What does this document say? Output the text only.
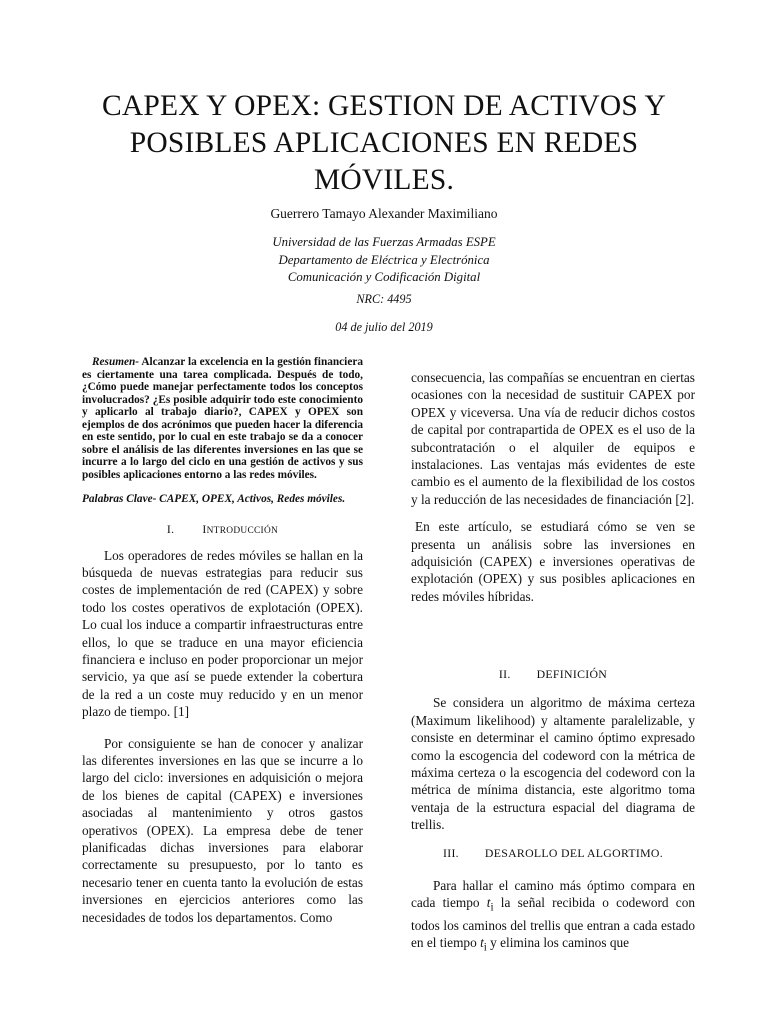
CAPEX Y OPEX: GESTION DE ACTIVOS Y
POSIBLES APLICACIONES EN REDES
MÓVILES.
Guerrero Tamayo Alexander Maximiliano
Universidad de las Fuerzas Armadas ESPE
Departamento de Eléctrica y Electrónica
Comunicación y Codificación Digital
NRC: 4495
04 de julio del 2019

Resumen- Alcanzar la excelencia en la gestión financiera es ciertamente una tarea complicada. Después de todo, ¿Cómo puede manejar perfectamente todos los conceptos involucrados? ¿Es posible adquirir todo este conocimiento y aplicarlo al trabajo diario?, CAPEX y OPEX son ejemplos de dos acrónimos que pueden hacer la diferencia en este sentido, por lo cual en este trabajo se da a conocer sobre el análisis de las diferentes inversiones en las que se incurre a lo largo del ciclo en una gestión de activos y sus posibles aplicaciones entorno a las redes móviles.

Palabras Clave- CAPEX, OPEX, Activos, Redes móviles.

I. INTRODUCCIÓN

Los operadores de redes móviles se hallan en la búsqueda de nuevas estrategias para reducir sus costes de implementación de red (CAPEX) y sobre todo los costes operativos de explotación (OPEX). Lo cual los induce a compartir infraestructuras entre ellos, lo que se traduce en una mayor eficiencia financiera e incluso en poder proporcionar un mejor servicio, ya que así se puede extender la cobertura de la red a un coste muy reducido y en un menor plazo de tiempo. [1]

Por consiguiente se han de conocer y analizar las diferentes inversiones en las que se incurre a lo largo del ciclo: inversiones en adquisición o mejora de los bienes de capital (CAPEX) e inversiones asociadas al mantenimiento y otros gastos operativos (OPEX). La empresa debe de tener planificadas dichas inversiones para elaborar correctamente su presupuesto, por lo tanto es necesario tener en cuenta tanto la evolución de estas inversiones en ejercicios anteriores como las necesidades de todos los departamentos. Como

consecuencia, las compañías se encuentran en ciertas ocasiones con la necesidad de sustituir CAPEX por OPEX y viceversa. Una vía de reducir dichos costos de capital por contrapartida de OPEX es el uso de la subcontratación o el alquiler de equipos e instalaciones. Las ventajas más evidentes de este cambio es el aumento de la flexibilidad de los costos y la reducción de las necesidades de financiación [2].

En este artículo, se estudiará cómo se ven se presenta un análisis sobre las inversiones en adquisición (CAPEX) e inversiones operativas de explotación (OPEX) y sus posibles aplicaciones en redes móviles híbridas.

II. DEFINICIÓN

Se considera un algoritmo de máxima certeza (Maximum likelihood) y altamente paralelizable, y consiste en determinar el camino óptimo expresado como la escogencia del codeword con la métrica de máxima certeza o la escogencia del codeword con la métrica de mínima distancia, este algoritmo toma ventaja de la estructura espacial del diagrama de trellis.

III. DESAROLLO DEL ALGORTIMO.

Para hallar el camino más óptimo compara en cada tiempo $t_i$ la señal recibida o codeword con todos los caminos del trellis que entran a cada estado en el tiempo $t_i$ y elimina los caminos que
